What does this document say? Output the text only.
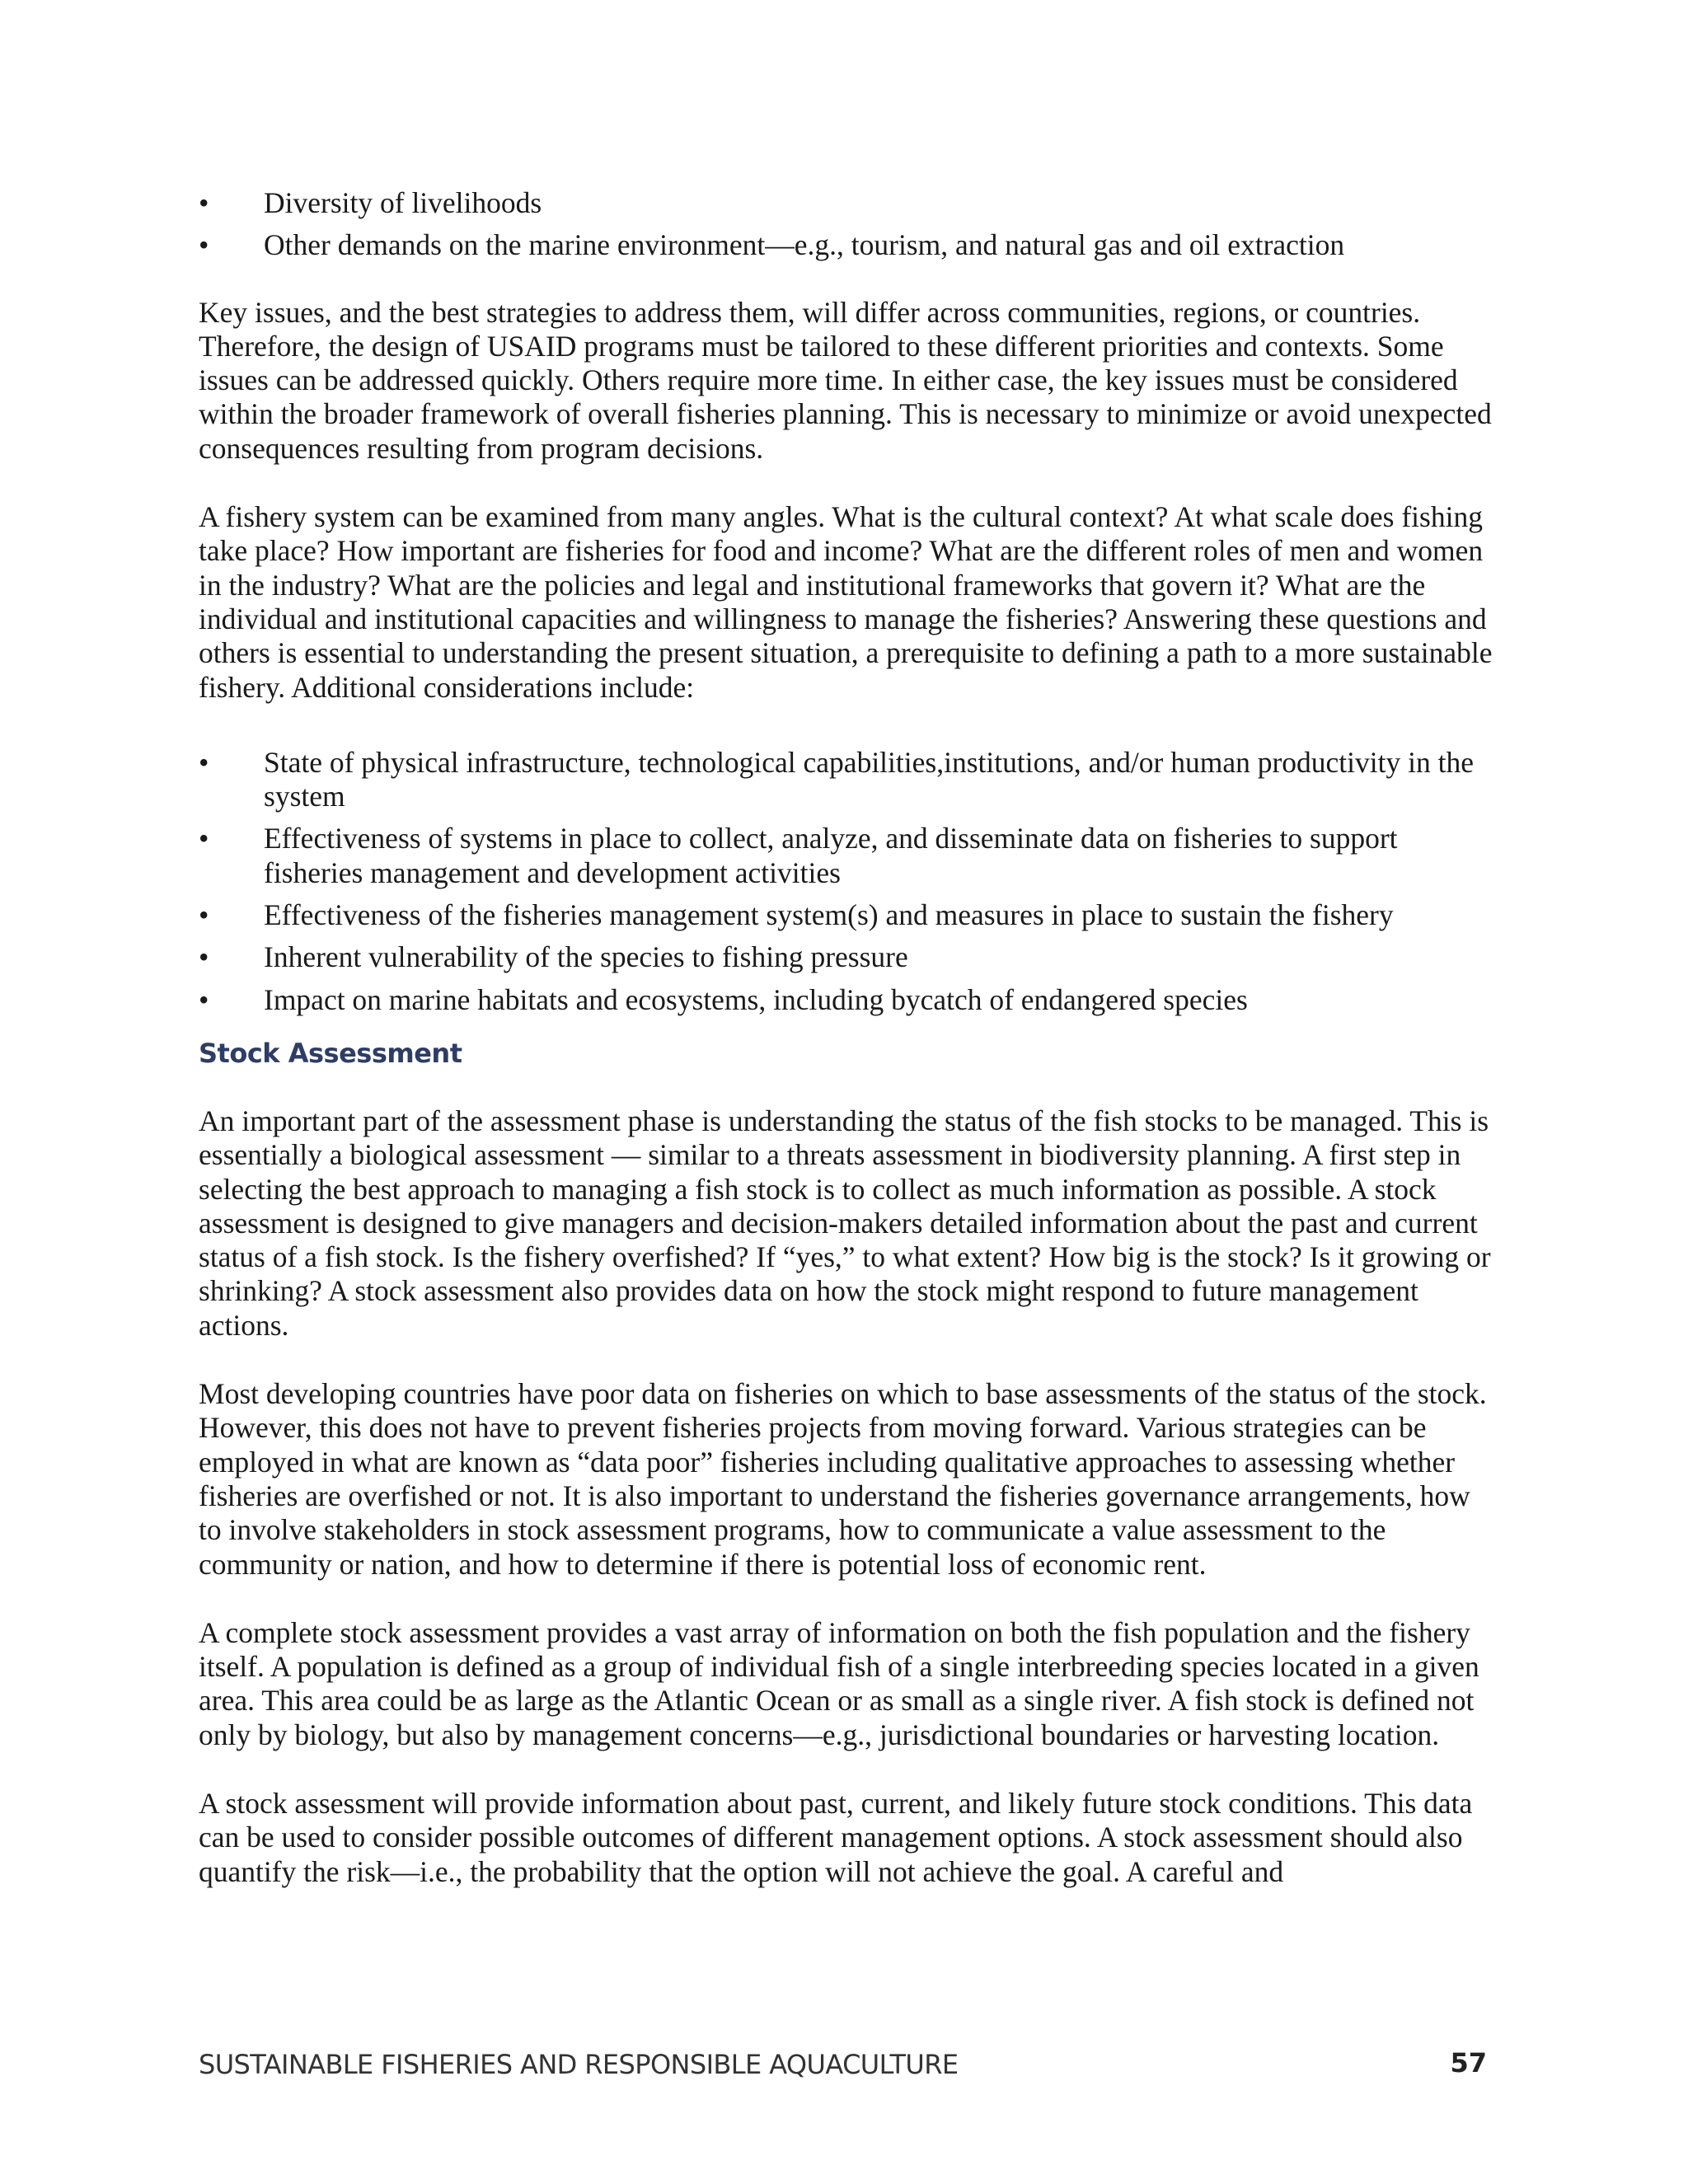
• Diversity of livelihoods
• Other demands on the marine environment—e.g., tourism, and natural gas and oil extraction

Key issues, and the best strategies to address them, will differ across communities, regions, or countries. Therefore, the design of USAID programs must be tailored to these different priorities and contexts. Some issues can be addressed quickly. Others require more time. In either case, the key issues must be considered within the broader framework of overall fisheries planning. This is necessary to minimize or avoid unexpected consequences resulting from program decisions.

A fishery system can be examined from many angles. What is the cultural context? At what scale does fishing take place? How important are fisheries for food and income? What are the different roles of men and women in the industry? What are the policies and legal and institutional frameworks that govern it? What are the individual and institutional capacities and willingness to manage the fisheries? Answering these questions and others is essential to understanding the present situation, a prerequisite to defining a path to a more sustainable fishery. Additional considerations include:

• State of physical infrastructure, technological capabilities,institutions, and/or human productivity in the system
• Effectiveness of systems in place to collect, analyze, and disseminate data on fisheries to support fisheries management and development activities
• Effectiveness of the fisheries management system(s) and measures in place to sustain the fishery
• Inherent vulnerability of the species to fishing pressure
• Impact on marine habitats and ecosystems, including bycatch of endangered species
Stock Assessment

An important part of the assessment phase is understanding the status of the fish stocks to be managed. This is essentially a biological assessment — similar to a threats assessment in biodiversity planning. A first step in selecting the best approach to managing a fish stock is to collect as much information as possible. A stock assessment is designed to give managers and decision-makers detailed information about the past and current status of a fish stock. Is the fishery overfished? If “yes,” to what extent? How big is the stock? Is it growing or shrinking? A stock assessment also provides data on how the stock might respond to future management actions.

Most developing countries have poor data on fisheries on which to base assessments of the status of the stock. However, this does not have to prevent fisheries projects from moving forward. Various strategies can be employed in what are known as “data poor” fisheries including qualitative approaches to assessing whether fisheries are overfished or not. It is also important to understand the fisheries governance arrangements, how to involve stakeholders in stock assessment programs, how to communicate a value assessment to the community or nation, and how to determine if there is potential loss of economic rent.

A complete stock assessment provides a vast array of information on both the fish population and the fishery itself. A population is defined as a group of individual fish of a single interbreeding species located in a given area. This area could be as large as the Atlantic Ocean or as small as a single river. A fish stock is defined not only by biology, but also by management concerns—e.g., jurisdictional boundaries or harvesting location.

A stock assessment will provide information about past, current, and likely future stock conditions. This data can be used to consider possible outcomes of different management options. A stock assessment should also quantify the risk—i.e., the probability that the option will not achieve the goal. A careful and

SUSTAINABLE FISHERIES AND RESPONSIBLE AQUACULTURE	57
